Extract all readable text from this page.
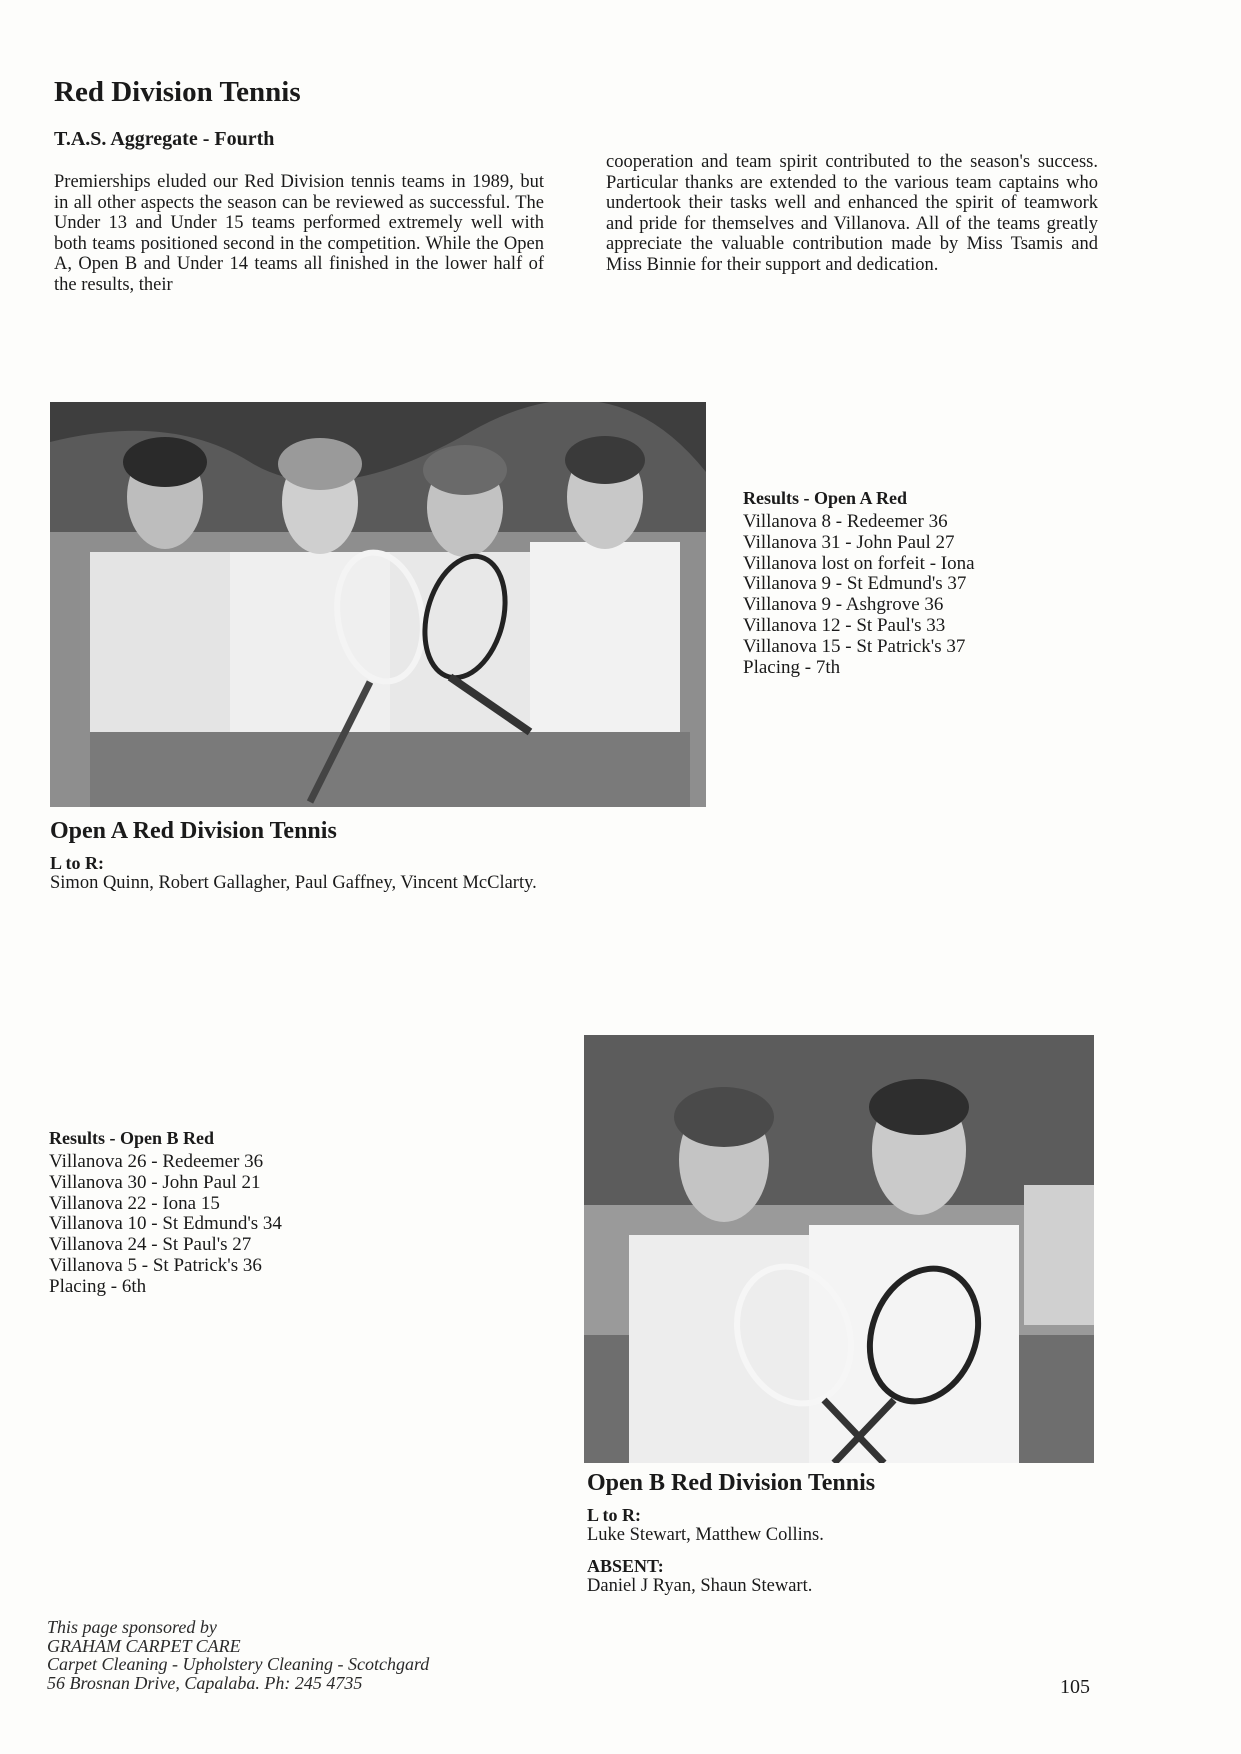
Red Division Tennis
T.A.S. Aggregate - Fourth

Premierships eluded our Red Division tennis teams in 1989, but in all other aspects the season can be reviewed as successful. The Under 13 and Under 15 teams performed extremely well with both teams positioned second in the competition. While the Open A, Open B and Under 14 teams all finished in the lower half of the results, their

cooperation and team spirit contributed to the season's success. Particular thanks are extended to the various team captains who undertook their tasks well and enhanced the spirit of teamwork and pride for themselves and Villanova. All of the teams greatly appreciate the valuable contribution made by Miss Tsamis and Miss Binnie for their support and dedication.

Results - Open A Red

Villanova 8 - Redeemer 36
Villanova 31 - John Paul 27
Villanova lost on forfeit - Iona
Villanova 9 - St Edmund's 37
Villanova 9 - Ashgrove 36
Villanova 12 - St Paul's 33
Villanova 15 - St Patrick's 37
Placing - 7th

Open A Red Division Tennis

L to R:

Simon Quinn, Robert Gallagher, Paul Gaffney, Vincent McClarty.

Results - Open B Red

Villanova 26 - Redeemer 36
Villanova 30 - John Paul 21
Villanova 22 - Iona 15
Villanova 10 - St Edmund's 34
Villanova 24 - St Paul's 27
Villanova 5 - St Patrick's 36
Placing - 6th

Open B Red Division Tennis

L to R:

Luke Stewart, Matthew Collins.

ABSENT:

Daniel J Ryan, Shaun Stewart.

This page sponsored by

GRAHAM CARPET CARE

Carpet Cleaning - Upholstery Cleaning - Scotchgard

56 Brosnan Drive, Capalaba. Ph: 245 4735	105
